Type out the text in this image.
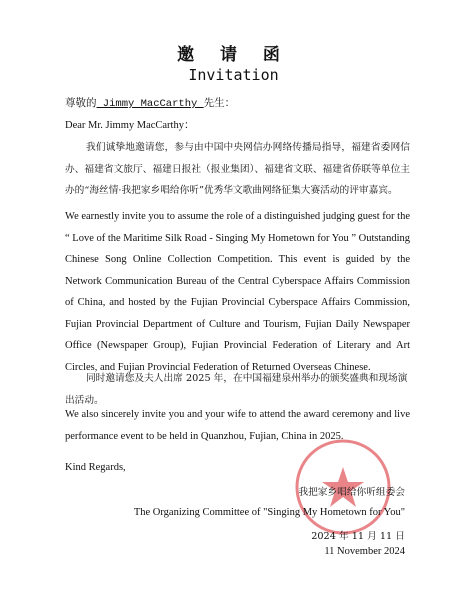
邀 请 函
Invitation
尊敬的 Jimmy MacCarthy 先生：
Dear Mr. Jimmy MacCarthy：
我们诚挚地邀请您，参与由中国中央网信办网络传播局指导，福建省委网信办、福建省文旅厅、福建日报社（报业集团）、福建省文联、福建省侨联等单位主办的“海丝情·我把家乡唱给你听”优秀华文歌曲网络征集大赛活动的评审嘉宾。
We earnestly invite you to assume the role of a distinguished judging guest for the “ Love of the Maritime Silk Road - Singing My Hometown for You ” Outstanding Chinese Song Online Collection Competition. This event is guided by the Network Communication Bureau of the Central Cyberspace Affairs Commission of China, and hosted by the Fujian Provincial Cyberspace Affairs Commission, Fujian Provincial Department of Culture and Tourism, Fujian Daily Newspaper Office (Newspaper Group), Fujian Provincial Federation of Literary and Art Circles, and Fujian Provincial Federation of Returned Overseas Chinese.
同时邀请您及夫人出席 2025 年，在中国福建泉州举办的颁奖盛典和现场演出活动。
We also sincerely invite you and your wife to attend the award ceremony and live performance event to be held in Quanzhou, Fujian, China in 2025.
Kind Regards,
我把家乡唱给你听组委会
The Organizing Committee of "Singing My Hometown for You"
2024 年 11 月 11 日
11 November 2024
